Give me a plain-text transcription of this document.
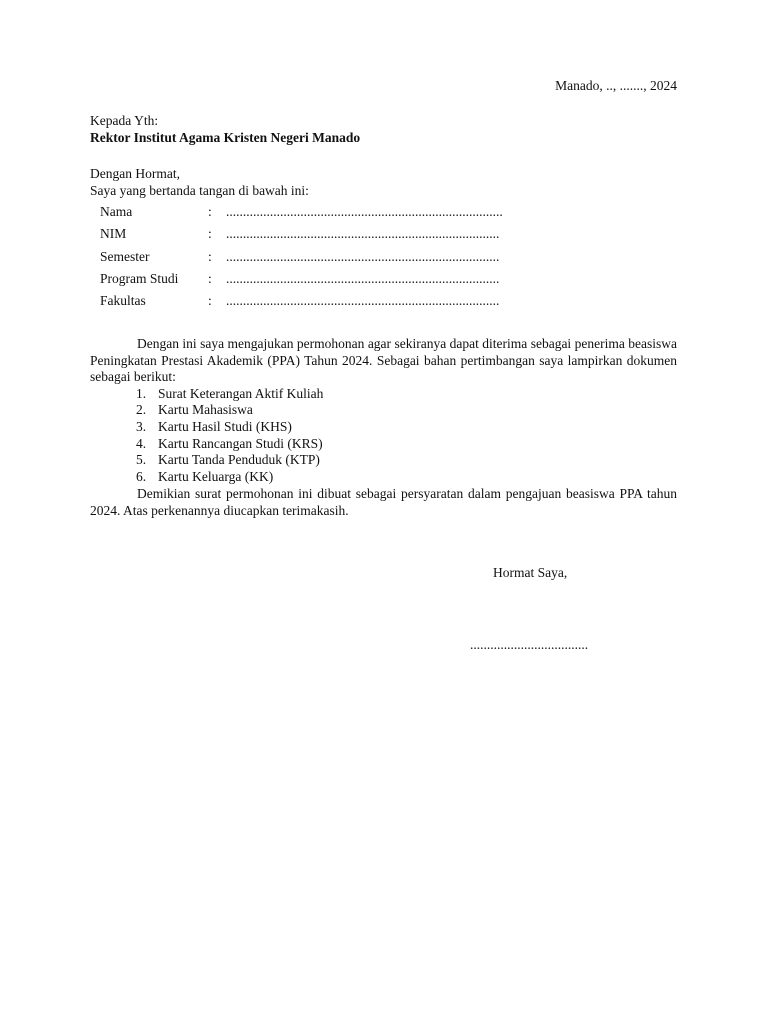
Manado, .., ......., 2024
Kepada Yth:
Rektor Institut Agama Kristen Negeri Manado
Dengan Hormat,
Saya yang bertanda tangan di bawah ini:
Nama	:	..................................................................................
NIM	:	.................................................................................
Semester	:	.................................................................................
Program Studi	:	.................................................................................
Fakultas	:	.................................................................................

Dengan ini saya mengajukan permohonan agar sekiranya dapat diterima sebagai penerima beasiswa Peningkatan Prestasi Akademik (PPA) Tahun 2024. Sebagai bahan pertimbangan saya lampirkan dokumen sebagai berikut:

1. Surat Keterangan Aktif Kuliah
2. Kartu Mahasiswa
3. Kartu Hasil Studi (KHS)
4. Kartu Rancangan Studi (KRS)
5. Kartu Tanda Penduduk (KTP)
6. Kartu Keluarga (KK)

Demikian surat permohonan ini dibuat sebagai persyaratan dalam pengajuan beasiswa PPA tahun 2024. Atas perkenannya diucapkan terimakasih.

Hormat Saya,
...................................
